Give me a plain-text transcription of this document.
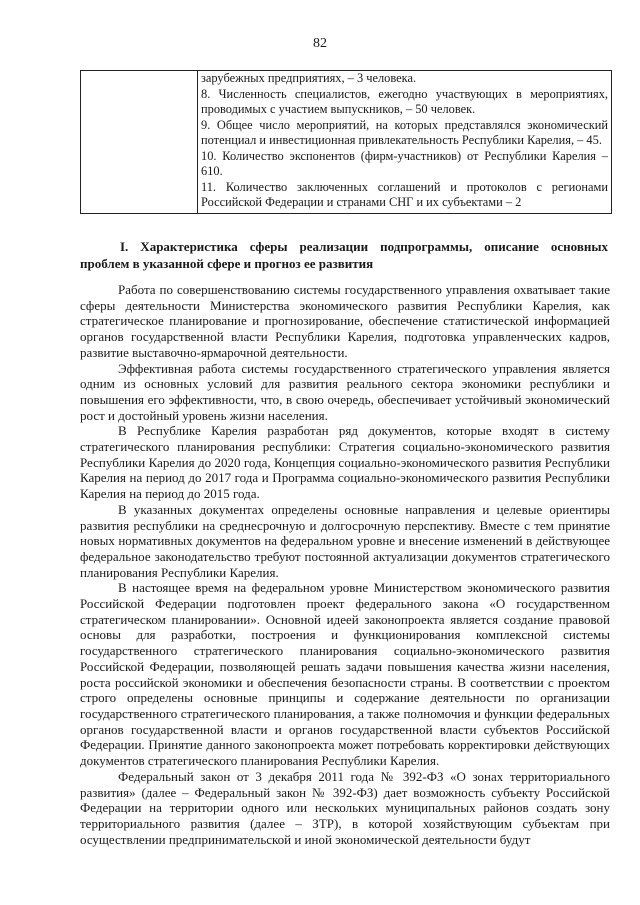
82

зарубежных предприятиях, – 3 человека.
8. Численность специалистов, ежегодно участвующих в мероприятиях, проводимых с участием выпускников, – 50 человек.
9. Общее число мероприятий, на которых представлялся экономический потенциал и инвестиционная привлекательность Республики Карелия, – 45.
10. Количество экспонентов (фирм-участников) от Республики Карелия – 610.
11. Количество заключенных соглашений и протоколов с регионами Российской Федерации и странами СНГ и их субъектами – 2
I. Характеристика сферы реализации подпрограммы, описание основных проблем в указанной сфере и прогноз ее развития

Работа по совершенствованию системы государственного управления охватывает такие сферы деятельности Министерства экономического развития Республики Карелия, как стратегическое планирование и прогнозирование, обеспечение статистической информацией органов государственной власти Республики Карелия, подготовка управленческих кадров, развитие выставочно-ярмарочной деятельности.

Эффективная работа системы государственного стратегического управления является одним из основных условий для развития реального сектора экономики республики и повышения его эффективности, что, в свою очередь, обеспечивает устойчивый экономический рост и достойный уровень жизни населения.

В Республике Карелия разработан ряд документов, которые входят в систему стратегического планирования республики: Стратегия социально-экономического развития Республики Карелия до 2020 года, Концепция социально-экономического развития Республики Карелия на период до 2017 года и Программа социально-экономического развития Республики Карелия на период до 2015 года.

В указанных документах определены основные направления и целевые ориентиры развития республики на среднесрочную и долгосрочную перспективу. Вместе с тем принятие новых нормативных документов на федеральном уровне и внесение изменений в действующее федеральное законодательство требуют постоянной актуализации документов стратегического планирования Республики Карелия.

В настоящее время на федеральном уровне Министерством экономического развития Российской Федерации подготовлен проект федерального закона «О государственном стратегическом планировании». Основной идеей законопроекта является создание правовой основы для разработки, построения и функционирования комплексной системы государственного стратегического планирования социально-экономического развития Российской Федерации, позволяющей решать задачи повышения качества жизни населения, роста российской экономики и обеспечения безопасности страны. В соответствии с проектом строго определены основные принципы и содержание деятельности по организации государственного стратегического планирования, а также полномочия и функции федеральных органов государственной власти и органов государственной власти субъектов Российской Федерации. Принятие данного законопроекта может потребовать корректировки действующих документов стратегического планирования Республики Карелия.

Федеральный закон от 3 декабря 2011 года № 392-ФЗ «О зонах территориального развития» (далее – Федеральный закон № 392-ФЗ) дает возможность субъекту Российской Федерации на территории одного или нескольких муниципальных районов создать зону территориального развития (далее – ЗТР), в которой хозяйствующим субъектам при осуществлении предпринимательской и иной экономической деятельности будут
